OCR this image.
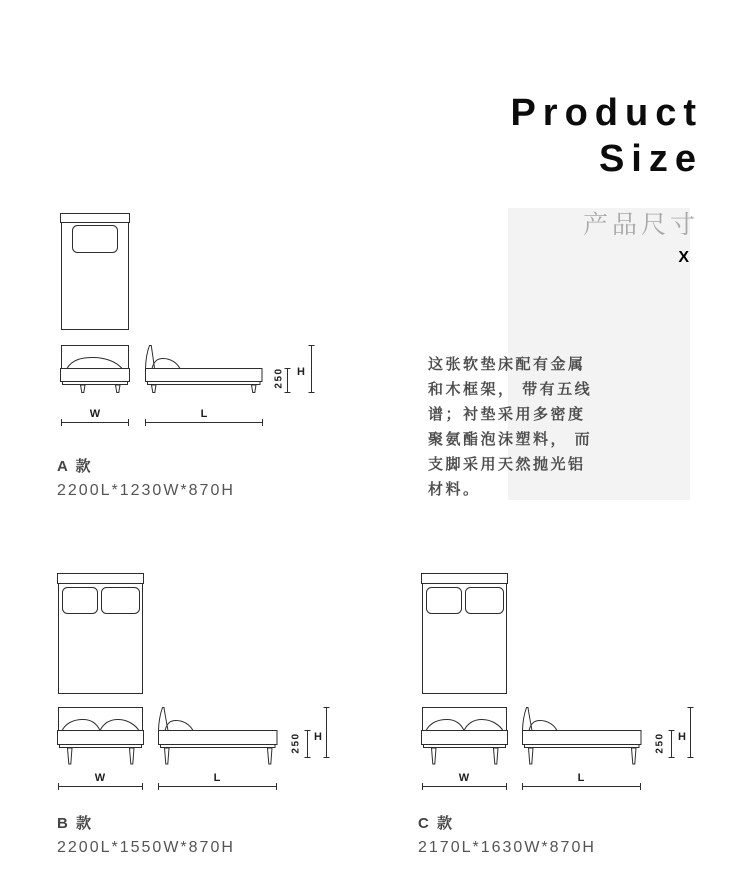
Product
Size
产品尺寸
X
这张软垫床配有金属
和木框架， 带有五线
谱；衬垫采用多密度
聚氨酯泡沫塑料， 而
支脚采用天然抛光铝
材料。
250 H
W	L
A 款
2200L*1230W*870H
250 H
W	L
B 款
2200L*1550W*870H
250 H
W	L
C 款
2170L*1630W*870H
